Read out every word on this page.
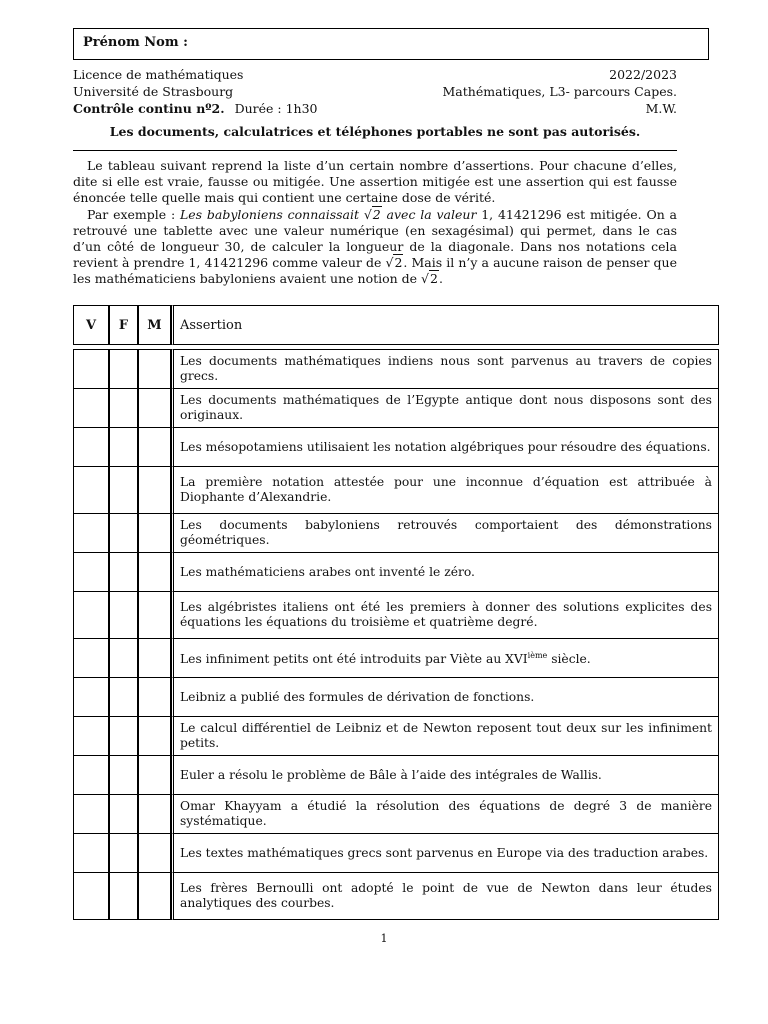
Prénom Nom :
Licence de mathématiques	2022/2023
Université de Strasbourg	Mathématiques, L3- parcours Capes.
Contrôle continu nº2. Durée : 1h30	M.W.
Les documents, calculatrices et téléphones portables ne sont pas autorisés.

Le tableau suivant reprend la liste d’un certain nombre d’assertions. Pour chacune d’elles, dite si elle est vraie, fausse ou mitigée. Une assertion mitigée est une assertion qui est fausse énoncée telle quelle mais qui contient une certaine dose de vérité.

Par exemple : Les babyloniens connaissait √2 avec la valeur 1, 41421296 est mitigée. On a retrouvé une tablette avec une valeur numérique (en sexagésimal) qui permet, dans le cas d’un côté de longueur 30, de calculer la longueur de la diagonale. Dans nos notations cela revient à prendre 1, 41421296 comme valeur de √2. Mais il n’y a aucune raison de penser que les mathématiciens babyloniens avaient une notion de √2.

V	F	M	Assertion

			Les documents mathématiques indiens nous sont parvenus au travers de copies grecs.
			Les documents mathématiques de l’Egypte antique dont nous disposons sont des originaux.
			Les mésopotamiens utilisaient les notation algébriques pour résoudre des équations.
			La première notation attestée pour une inconnue d’équation est attribuée à Diophante d’Alexandrie.
			Les documents babyloniens retrouvés comportaient des démonstrations géométriques.
			Les mathématiciens arabes ont inventé le zéro.
			Les algébristes italiens ont été les premiers à donner des solutions explicites des équations les équations du troisième et quatrième degré.
			Les infiniment petits ont été introduits par Viète au XVIième siècle.
			Leibniz a publié des formules de dérivation de fonctions.
			Le calcul différentiel de Leibniz et de Newton reposent tout deux sur les infiniment petits.
			Euler a résolu le problème de Bâle à l’aide des intégrales de Wallis.
			Omar Khayyam a étudié la résolution des équations de degré 3 de manière systématique.
			Les textes mathématiques grecs sont parvenus en Europe via des traduction arabes.
			Les frères Bernoulli ont adopté le point de vue de Newton dans leur études analytiques des courbes.
1
